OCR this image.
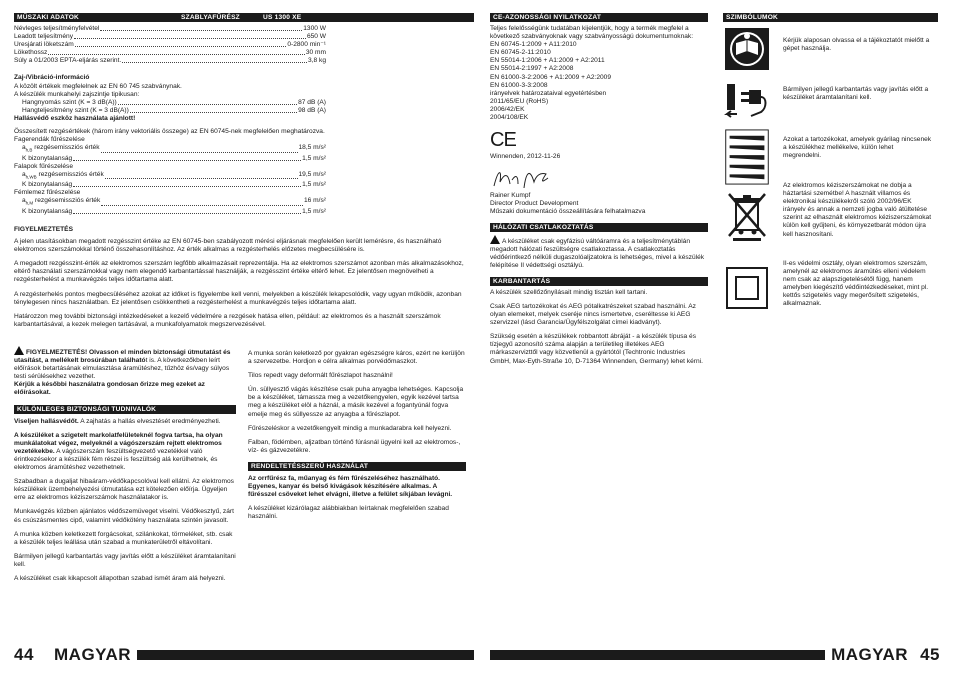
MŰSZAKI ADATOK	SZABLYAFŰRÉSZ	US 1300 XE
Névleges teljesítményfelvétel	1300 W
Leadott teljesítmény	650 W
Üresjárati löketszám	0-2800 min⁻¹
Lökethossz	30 mm
Súly a 01/2003 EPTA-eljárás szerint.	3,8 kg
Zaj-/Vibráció-információ
A közölt értékek megfelelnek az EN 60 745 szabványnak.
A készülék munkahelyi zajszintje tipikusan:
Hangnyomás szint (K = 3 dB(A))	87 dB (A)
Hangteljesítmény szint (K = 3 dB(A))	98 dB (A)
Hallásvédő eszköz használata ajánlott!
Összesített rezgésértékek (három irány vektoriális összege) az EN 60745-nek megfelelően meghatározva.
Fagerendák fűrészelése
$a_{h,B}$ rezgésemissziós érték	18,5 m/s²
K bizonytalanság	1,5 m/s²
Falapok fűrészelése
$a_{h,WB}$ rezgésemissziós érték	19,5 m/s²
K bizonytalanság	1,5 m/s²
Fémlemez fűrészelése
$a_{h,M}$ rezgésemissziós érték	16 m/s²
K bizonytalanság	1,5 m/s²
FIGYELMEZTETÉS
A jelen utasításokban megadott rezgésszint értéke az EN 60745-ben szabályozott mérési eljárásnak megfelelően került lemérésre, és használható elektromos szerszámokkal történő összehasonlításhoz. Az érték alkalmas a rezgésterhelés előzetes megbecsülésére is.
A megadott rezgésszint-érték az elektromos szerszám legfőbb alkalmazásait reprezentálja. Ha az elektromos szerszámot azonban más alkalmazásokhoz, eltérő használati szerszámokkal vagy nem elegendő karbantartással használják, a rezgésszint értéke eltérő lehet. Ez jelentősen megnövelheti a rezgésterhelést a munkavégzés teljes időtartama alatt.
A rezgésterhelés pontos megbecsüléséhez azokat az időket is figyelembe kell venni, melyekben a készülék lekapcsolódik, vagy ugyan működik, azonban ténylegesen nincs használatban. Ez jelentősen csökkentheti a rezgésterhelést a munkavégzés teljes időtartama alatt.
Határozzon meg további biztonsági intézkedéseket a kezelő védelmére a rezgések hatása ellen, például: az elektromos és a használt szerszámok karbantartásával, a kezek melegen tartásával, a munkafolyamatok megszervezésével.
FIGYELMEZTETÉS! Olvasson el minden biztonsági útmutatást és utasítást, a mellékelt brosúrában találhatót is. A következőkben leírt előírások betartásának elmulasztása áramütéshez, tűzhöz és/vagy súlyos testi sérülésekhez vezethet.
Kérjük a későbbi használatra gondosan őrizze meg ezeket az előírásokat.
KÜLÖNLEGES BIZTONSÁGI TUDNIVALÓK
Viseljen hallásvédőt. A zajhatás a hallás elvesztését eredményezheti.
A készüléket a szigetelt markolatfelületeknél fogva tartsa, ha olyan munkálatokat végez, melyeknél a vágószerszám rejtett elektromos vezetékekbe. A vágószerszám feszültségvezető vezetékkel való érintkezésekor a készülék fém részei is feszültség alá kerülhetnek, és elektromos áramütéshez vezethetnek.
Szabadban a dugaljat hibaáram-védőkapcsolóval kell ellátni. Az elektromos készülékek üzembehelyezési útmutatása ezt kötelezően előírja. Ügyeljen erre az elektromos kéziszerszámok használatakor is.
Munkavégzés közben ajánlatos védőszemüveget viselni. Védőkesztyű, zárt és csúszásmentes cipő, valamint védőkötény használata szintén javasolt.
A munka közben keletkezett forgácsokat, szilánkokat, törmeléket, stb. csak a készülék teljes leállása után szabad a munkaterületről eltávolítani.
Bármilyen jellegű karbantartás vagy javítás előtt a készüléket áramtalanítani kell.
A készüléket csak kikapcsolt állapotban szabad ismét áram alá helyezni.
A munka során keletkező por gyakran egészségre káros, ezért ne kerüljön a szervezetbe. Hordjon e célra alkalmas porvédőmaszkot.
Tilos repedt vagy deformált fűrészlapot használni!
Ún. süllyesztő vágás készítése csak puha anyagba lehetséges. Kapcsolja be a készüléket, támassza meg a vezetőkengyelen, egyik kezével tartsa meg a készüléket elöl a háznál, a másik kezével a fogantyúnál fogva emelje meg és süllyessze az anyagba a fűrészlapot.
Fűrészeléskor a vezetőkengyelt mindig a munkadarabra kell helyezni.
Falban, födémben, aljzatban történő fúrásnál ügyelni kell az elektromos-, víz- és gázvezetékre.
RENDELTETÉSSZERŰ HASZNÁLAT
Az orrfűrész fa, műanyag és fém fűrészeléséhez használható. Egyenes, kanyar és belső kivágások készítésére alkalmas. A fűrésszel csöveket lehet elvágni, illetve a felület síkjában levágni.
A készüléket kizárólagaz alábbiakban leírtaknak megfelelően szabad használni.
44	MAGYAR
CE-AZONOSSÁGI NYILATKOZAT
Teljes felelősségünk tudatában kijelentjük, hogy a termék megfelel a következő szabványoknak vagy szabványosságú dokumentumoknak:
EN 60745-1:2009 + A11:2010
EN 60745-2-11:2010
EN 55014-1:2006 + A1:2009 + A2:2011
EN 55014-2:1997 + A2:2008
EN 61000-3-2:2006 + A1:2009 + A2:2009
EN 61000-3-3:2008
irányelvek határozataival egyetértésben
2011/65/EU (RoHS)
2006/42/EK
2004/108/EK
CE
Winnenden, 2012-11-26
Rainer Kumpf
Director Product Development
Műszaki dokumentáció összeállítására felhatalmazva
HÁLÓZATI CSATLAKOZTATÁS
A készüléket csak egyfázisú váltóáramra és a teljesítménytáblán megadott hálózati feszültségre csatlakoztassa. A csatlakoztatás védőérintkező nélküli dugaszolóaljzatokra is lehetséges, mivel a készülék felépítése II védettségi osztályú.
KARBANTARTÁS
A készülék szellőzőnyílásait mindig tisztán kell tartani.
Csak AEG tartozékokat és AEG pótalkatrészeket szabad használni. Az olyan elemeket, melyek cseréje nincs ismertetve, cseréltesse ki AEG szervizzel (lásd Garancia/Ügyfélszolgálat címei kiadványt).
Szükség esetén a készülékek robbantott ábráját - a készülék típusa és tízjegyű azonosító száma alapján a területileg illetékes AEG márkaszervizttől vagy közvetlenül a gyártótól (Techtronic Industries GmbH, Max-Eyth-Straße 10, D-71364 Winnenden, Germany) lehet kérni.
SZIMBÓLUMOK
Kérjük alaposan olvassa el a tájékoztatót mielőtt a gépet használja.
Bármilyen jellegű karbantartás vagy javítás előtt a készüléket áramtalanítani kell.
Azokat a tartozékokat, amelyek gyárilag nincsenek a készülékhez mellékelve, külön lehet megrendelni.
Az elektromos kéziszerszámokat ne dobja a háztartási szemétbe! A használt villamos és elektronikai készülékekről szóló 2002/96/EK irányelv és annak a nemzeti jogba való átültetése szerint az elhasznált elektromos kéziszerszámokat külön kell gyűjteni, és környezetbarát módon újra kell hasznosítani.
II-es védelmi osztály, olyan elektromos szerszám, amelynél az elektromos áramütés elleni védelem nem csak az alapszigetelésétől függ, hanem amelyben kiegészítő védőintézkedéseket, mint pl. kettős szigetelés vagy megerősített szigetelés, alkalmaznak.
MAGYAR 45
